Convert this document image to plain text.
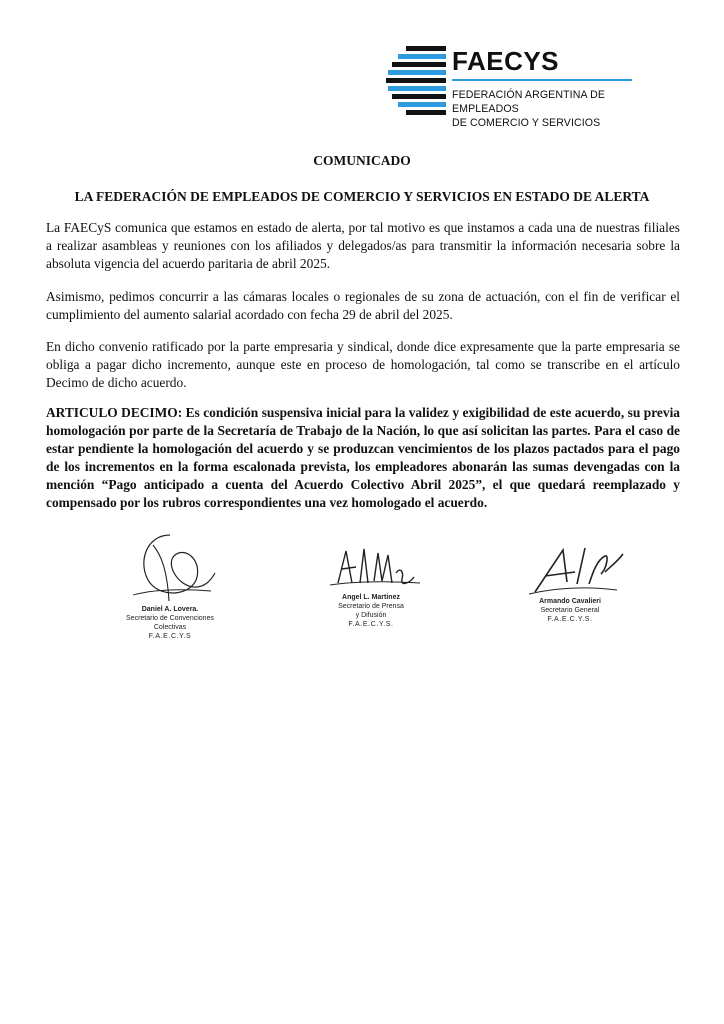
FAECYS
FEDERACIÓN ARGENTINA DE EMPLEADOS
DE COMERCIO Y SERVICIOS
COMUNICADO
LA FEDERACIÓN DE EMPLEADOS DE COMERCIO Y SERVICIOS EN ESTADO DE ALERTA

La FAECyS comunica que estamos en estado de alerta, por tal motivo es que instamos a cada una de nuestras filiales a realizar asambleas y reuniones con los afiliados y delegados/as para transmitir la información necesaria sobre la absoluta vigencia del acuerdo paritaria de abril 2025.

Asimismo, pedimos concurrir a las cámaras locales o regionales de su zona de actuación, con el fin de verificar el cumplimiento del aumento salarial acordado con fecha 29 de abril del 2025.

En dicho convenio ratificado por la parte empresaria y sindical, donde dice expresamente que la parte empresaria se obliga a pagar dicho incremento, aunque este en proceso de homologación, tal como se transcribe en el artículo Decimo de dicho acuerdo.

ARTICULO DECIMO: Es condición suspensiva inicial para la validez y exigibilidad de este acuerdo, su previa homologación por parte de la Secretaría de Trabajo de la Nación, lo que así solicitan las partes. Para el caso de estar pendiente la homologación del acuerdo y se produzcan vencimientos de los plazos pactados para el pago de los incrementos en la forma escalonada prevista, los empleadores abonarán las sumas devengadas con la mención “Pago anticipado a cuenta del Acuerdo Colectivo Abril 2025”, el que quedará reemplazado y compensado por los rubros correspondientes una vez homologado el acuerdo.

Daniel A. Lovera.
Secretario de Convenciones
Colectivas
F.A.E.C.Y.S
Angel L. Martinez
Secretario de Prensa
y Difusión
F.A.E.C.Y.S.
Armando Cavalieri
Secretario General
F.A.E.C.Y.S.
